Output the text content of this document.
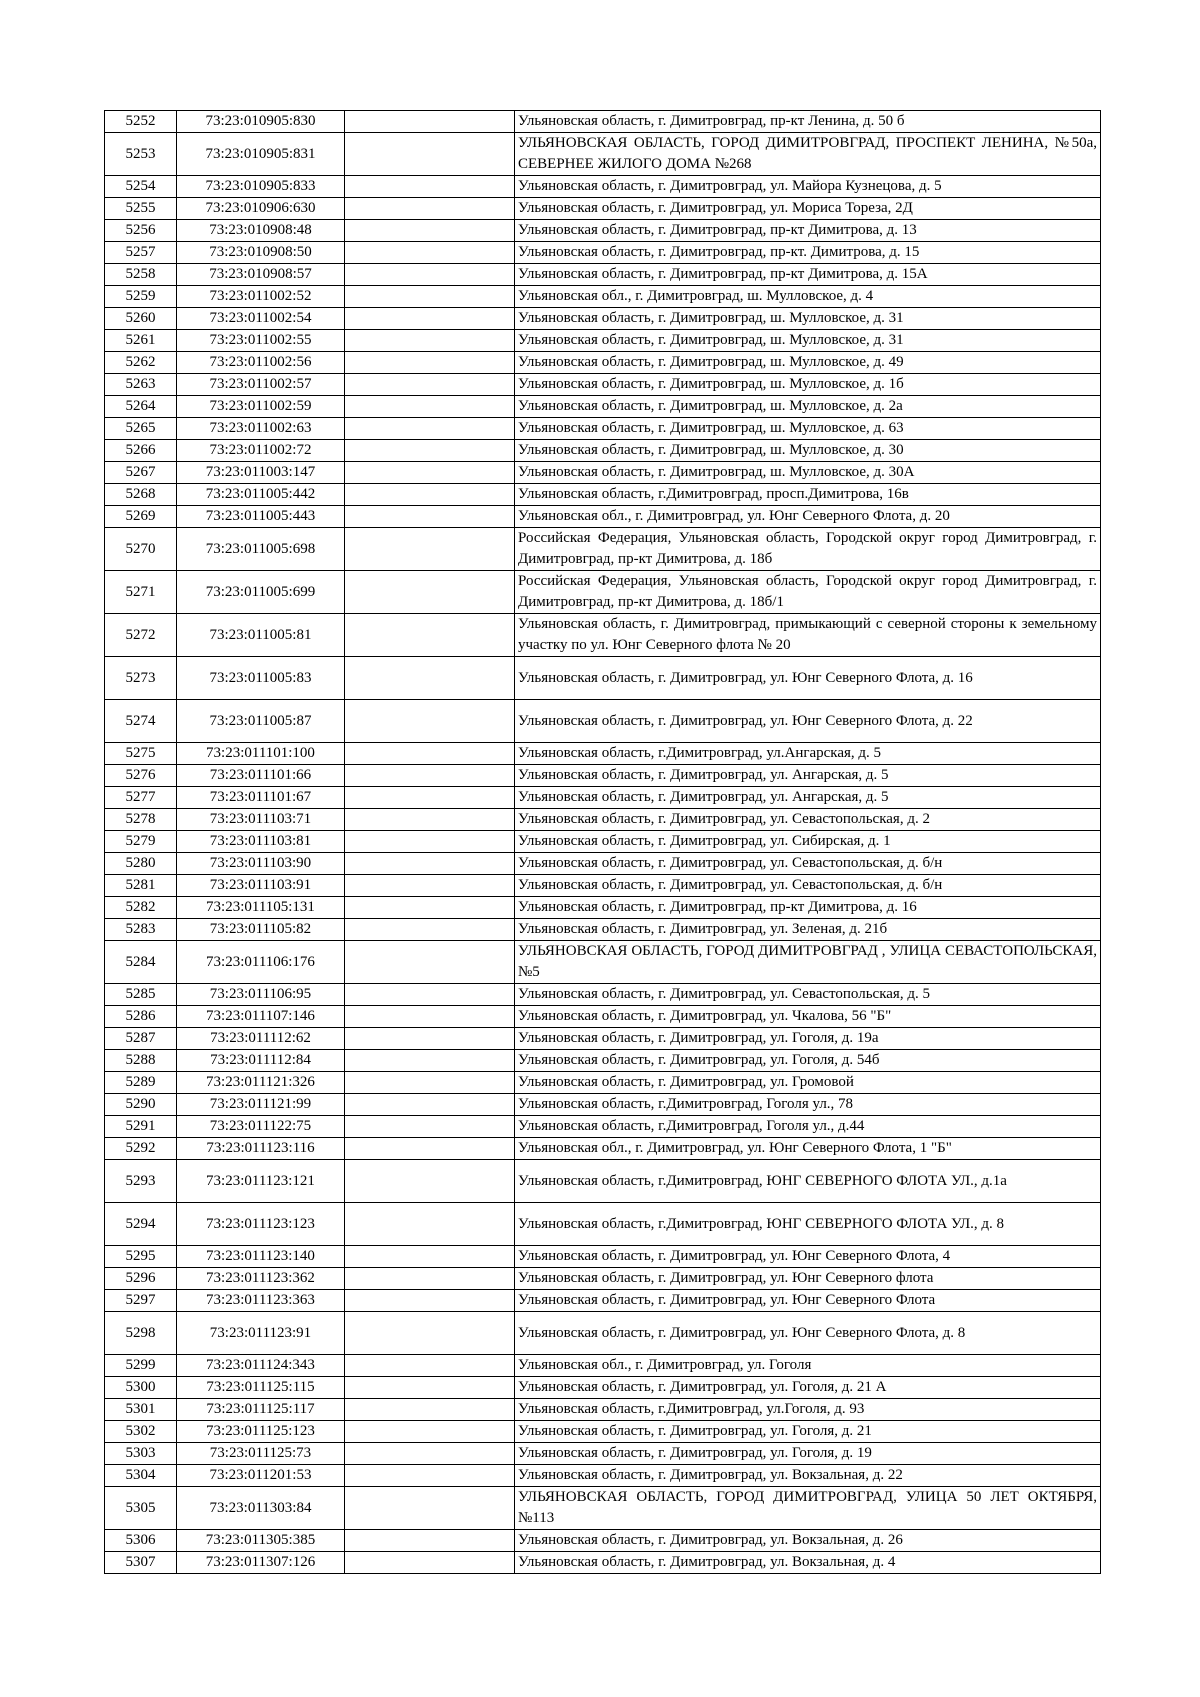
5252	73:23:010905:830		Ульяновская область, г. Димитровград, пр-кт Ленина, д. 50 б
5253	73:23:010905:831		УЛЬЯНОВСКАЯ ОБЛАСТЬ, ГОРОД ДИМИТРОВГРАД, ПРОСПЕКТ ЛЕНИНА, №50а, СЕВЕРНЕЕ ЖИЛОГО ДОМА №268
5254	73:23:010905:833		Ульяновская область, г. Димитровград, ул. Майора Кузнецова, д. 5
5255	73:23:010906:630		Ульяновская область, г. Димитровград, ул. Мориса Тореза, 2Д
5256	73:23:010908:48		Ульяновская область, г. Димитровград, пр-кт Димитрова, д. 13
5257	73:23:010908:50		Ульяновская область, г. Димитровград, пр-кт. Димитрова, д. 15
5258	73:23:010908:57		Ульяновская область, г. Димитровград, пр-кт Димитрова, д. 15А
5259	73:23:011002:52		Ульяновская обл., г. Димитровград, ш. Мулловское, д. 4
5260	73:23:011002:54		Ульяновская область, г. Димитровград, ш. Мулловское, д. 31
5261	73:23:011002:55		Ульяновская область, г. Димитровград, ш. Мулловское, д. 31
5262	73:23:011002:56		Ульяновская область, г. Димитровград, ш. Мулловское, д. 49
5263	73:23:011002:57		Ульяновская область, г. Димитровград, ш. Мулловское, д. 1б
5264	73:23:011002:59		Ульяновская область, г. Димитровград, ш. Мулловское, д. 2а
5265	73:23:011002:63		Ульяновская область, г. Димитровград, ш. Мулловское, д. 63
5266	73:23:011002:72		Ульяновская область, г. Димитровград, ш. Мулловское, д. 30
5267	73:23:011003:147		Ульяновская область, г. Димитровград, ш. Мулловское, д. 30А
5268	73:23:011005:442		Ульяновская область, г.Димитровград, просп.Димитрова, 16в
5269	73:23:011005:443		Ульяновская обл., г. Димитровград, ул. Юнг Северного Флота, д. 20
5270	73:23:011005:698		Российская Федерация, Ульяновская область, Городской округ город Димитровград, г. Димитровград, пр-кт Димитрова, д. 18б
5271	73:23:011005:699		Российская Федерация, Ульяновская область, Городской округ город Димитровград, г. Димитровград, пр-кт Димитрова, д. 18б/1
5272	73:23:011005:81		Ульяновская область, г. Димитровград, примыкающий с северной стороны к земельному участку по ул. Юнг Северного флота № 20
5273	73:23:011005:83		Ульяновская область, г. Димитровград, ул. Юнг Северного Флота, д. 16
5274	73:23:011005:87		Ульяновская область, г. Димитровград, ул. Юнг Северного Флота, д. 22
5275	73:23:011101:100		Ульяновская область, г.Димитровград, ул.Ангарская, д. 5
5276	73:23:011101:66		Ульяновская область, г. Димитровград, ул. Ангарская, д. 5
5277	73:23:011101:67		Ульяновская область, г. Димитровград, ул. Ангарская, д. 5
5278	73:23:011103:71		Ульяновская область, г. Димитровград, ул. Севастопольская, д. 2
5279	73:23:011103:81		Ульяновская область, г. Димитровград, ул. Сибирская, д. 1
5280	73:23:011103:90		Ульяновская область, г. Димитровград, ул. Севастопольская, д. б/н
5281	73:23:011103:91		Ульяновская область, г. Димитровград, ул. Севастопольская, д. б/н
5282	73:23:011105:131		Ульяновская область, г. Димитровград, пр-кт Димитрова, д. 16
5283	73:23:011105:82		Ульяновская область, г. Димитровград, ул. Зеленая, д. 21б
5284	73:23:011106:176		УЛЬЯНОВСКАЯ ОБЛАСТЬ, ГОРОД ДИМИТРОВГРАД , УЛИЦА СЕВАСТОПОЛЬСКАЯ, №5
5285	73:23:011106:95		Ульяновская область, г. Димитровград, ул. Севастопольская, д. 5
5286	73:23:011107:146		Ульяновская область, г. Димитровград, ул. Чкалова, 56 "Б"
5287	73:23:011112:62		Ульяновская область, г. Димитровград, ул. Гоголя, д. 19а
5288	73:23:011112:84		Ульяновская область, г. Димитровград, ул. Гоголя, д. 54б
5289	73:23:011121:326		Ульяновская область, г. Димитровград, ул. Громовой
5290	73:23:011121:99		Ульяновская область, г.Димитровград, Гоголя ул., 78
5291	73:23:011122:75		Ульяновская область, г.Димитровград, Гоголя ул., д.44
5292	73:23:011123:116		Ульяновская обл., г. Димитровград, ул. Юнг Северного Флота, 1 "Б"
5293	73:23:011123:121		Ульяновская область, г.Димитровград, ЮНГ СЕВЕРНОГО ФЛОТА УЛ., д.1а
5294	73:23:011123:123		Ульяновская область, г.Димитровград, ЮНГ СЕВЕРНОГО ФЛОТА УЛ., д. 8
5295	73:23:011123:140		Ульяновская область, г. Димитровград, ул. Юнг Северного Флота, 4
5296	73:23:011123:362		Ульяновская область, г. Димитровград, ул. Юнг Северного флота
5297	73:23:011123:363		Ульяновская область, г. Димитровград, ул. Юнг Северного Флота
5298	73:23:011123:91		Ульяновская область, г. Димитровград, ул. Юнг Северного Флота, д. 8
5299	73:23:011124:343		Ульяновская обл., г. Димитровград, ул. Гоголя
5300	73:23:011125:115		Ульяновская область, г. Димитровград, ул. Гоголя, д. 21 А
5301	73:23:011125:117		Ульяновская область, г.Димитровград, ул.Гоголя, д. 93
5302	73:23:011125:123		Ульяновская область, г. Димитровград, ул. Гоголя, д. 21
5303	73:23:011125:73		Ульяновская область, г. Димитровград, ул. Гоголя, д. 19
5304	73:23:011201:53		Ульяновская область, г. Димитровград, ул. Вокзальная, д. 22
5305	73:23:011303:84		УЛЬЯНОВСКАЯ ОБЛАСТЬ, ГОРОД ДИМИТРОВГРАД, УЛИЦА 50 ЛЕТ ОКТЯБРЯ, №113
5306	73:23:011305:385		Ульяновская область, г. Димитровград, ул. Вокзальная, д. 26
5307	73:23:011307:126		Ульяновская область, г. Димитровград, ул. Вокзальная, д. 4
